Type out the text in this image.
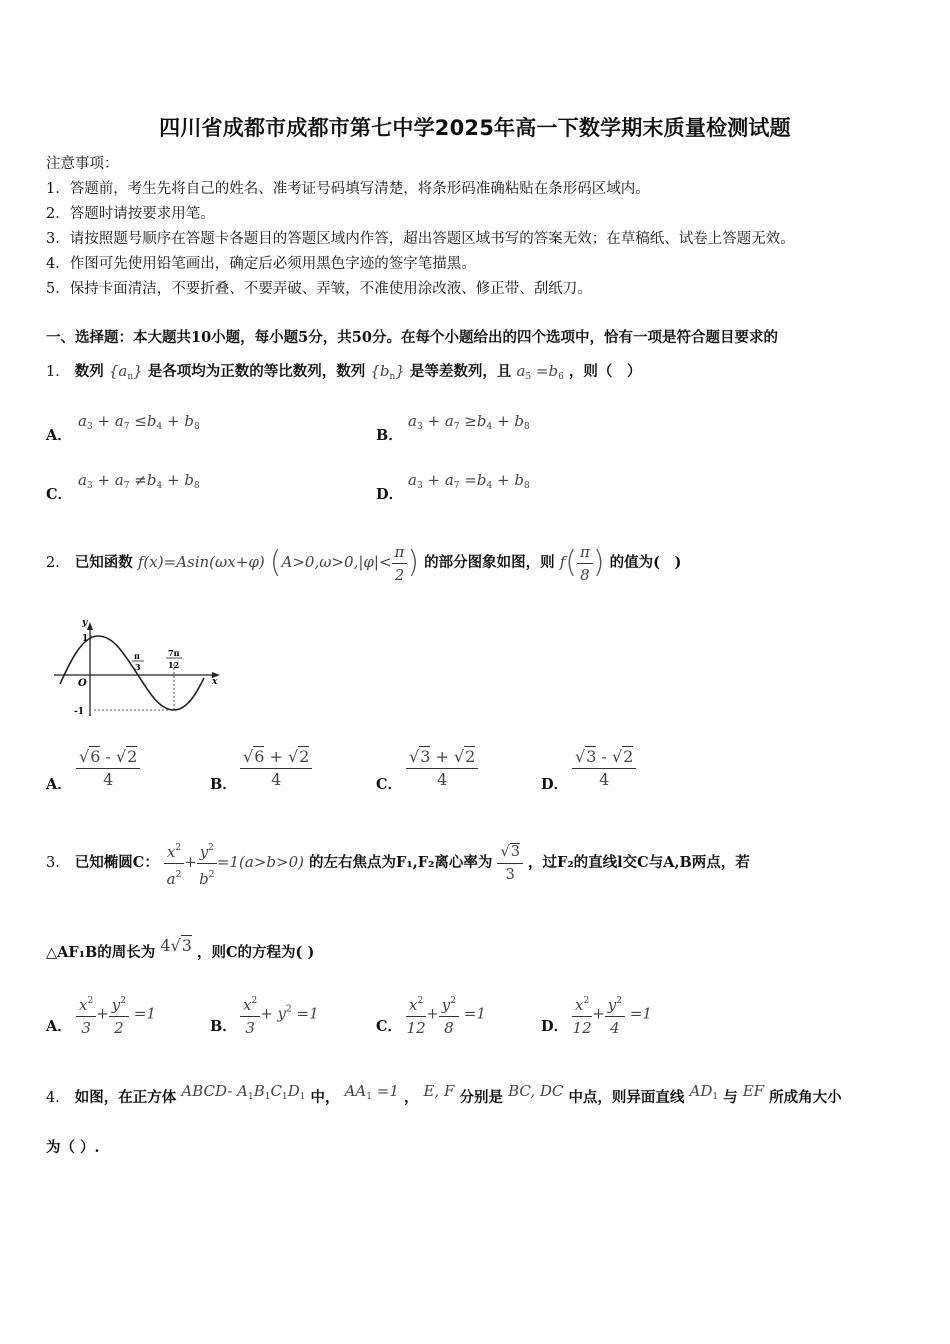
四川省成都市成都市第七中学2025年高一下数学期末质量检测试题
注意事项：
1．答题前，考生先将自己的姓名、准考证号码填写清楚，将条形码准确粘贴在条形码区域内。
2．答题时请按要求用笔。
3．请按照题号顺序在答题卡各题目的答题区域内作答，超出答题区域书写的答案无效；在草稿纸、试卷上答题无效。
4．作图可先使用铅笔画出，确定后必须用黑色字迹的签字笔描黑。
5．保持卡面清洁，不要折叠、不要弄破、弄皱，不准使用涂改液、修正带、刮纸刀。
一、选择题：本大题共10小题，每小题5分，共50分。在每个小题给出的四个选项中，恰有一项是符合题目要求的
1． 数列 $\{a_n\}$ 是各项均为正数的等比数列，数列 $\{b_n\}$ 是等差数列，且 $a_5 =b_6$ ，则（　）
A．
$a_3 + a_7 \le b_4 + b_8$	B．
$a_3 + a_7 \ge b_4 + b_8$
C．
$a_3 + a_7 \ne b_4 + b_8$	D．
$a_3 + a_7 =b_4 + b_8$
2． 已知函数 f(x)=Asin(ωx+φ) ($A>0,\omega>0,|\varphi|< \frac{\pi}{2}$ ) 的部分图象如图，则 $f( \frac{\pi}{8}$ ) 的值为(　)
y
x
O
1
-1
π
3
7π
12
A． $\frac{√6 - √2}{4}$	B． $\frac{√6 + √2}{4}$	C． $\frac{√3 + √2}{4}$	D． $\frac{√3 - √2}{4}$
3． 已知椭圆C： $\frac{x^2}{a^2} + \frac{y^2}{b^2} =1(a>b>0)$ 的左右焦点为F₁,F₂离心率为 $\frac{√3}{3}$ ，过F₂的直线l交C与A,B两点，若
△AF₁B的周长为 4√3 ，则C的方程为( )
A． $\frac{x^2}{3} + \frac{y^2}{2} =1$
B． $\frac{x^2}{3} + y^2 =1$
C． $\frac{x^2}{12} + \frac{y^2}{8} =1$
D． $\frac{x^2}{12} + \frac{y^2}{4} =1$
4． 如图，在正方体 ABCD- $A_1B_1C_1D_1$ 中， $AA_1 =1$ ， E, F 分别是 BC, DC 中点，则异面直线 $AD_1$ 与 EF 所成角大小
为（ ）.
